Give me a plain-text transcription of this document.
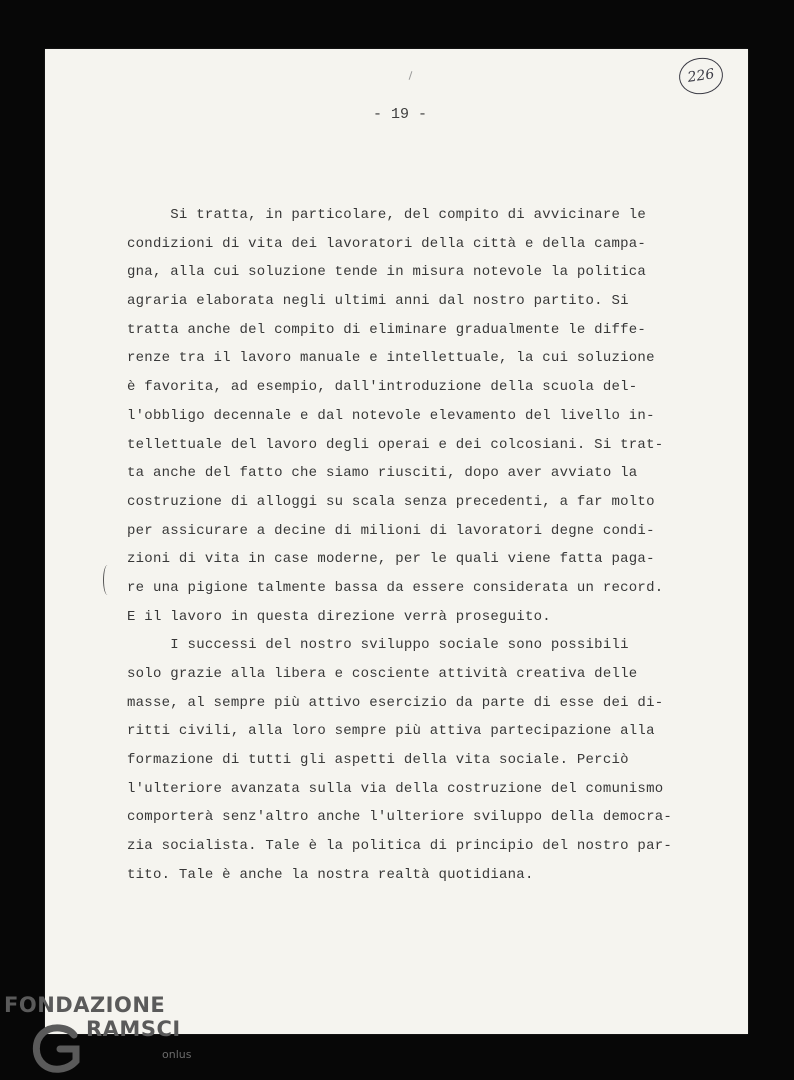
226
- 19 -
Si tratta, in particolare, del compito di avvicinare le
condizioni di vita dei lavoratori della città e della campa-
gna, alla cui soluzione tende in misura notevole la politica
agraria elaborata negli ultimi anni dal nostro partito. Si
tratta anche del compito di eliminare gradualmente le diffe-
renze tra il lavoro manuale e intellettuale, la cui soluzione
è favorita, ad esempio, dall'introduzione della scuola del-
l'obbligo decennale e dal notevole elevamento del livello in-
tellettuale del lavoro degli operai e dei colcosiani. Si trat-
ta anche del fatto che siamo riusciti, dopo aver avviato la
costruzione di alloggi su scala senza precedenti, a far molto
per assicurare a decine di milioni di lavoratori degne condi-
zioni di vita in case moderne, per le quali viene fatta paga-
re una pigione talmente bassa da essere considerata un record.
E il lavoro in questa direzione verrà proseguito.
I successi del nostro sviluppo sociale sono possibili
solo grazie alla libera e cosciente attività creativa delle
masse, al sempre più attivo esercizio da parte di esse dei di-
ritti civili, alla loro sempre più attiva partecipazione alla
formazione di tutti gli aspetti della vita sociale. Perciò
l'ulteriore avanzata sulla via della costruzione del comunismo
comporterà senz'altro anche l'ulteriore sviluppo della democra-
zia socialista. Tale è la politica di principio del nostro par-
tito. Tale è anche la nostra realtà quotidiana.
FONDAZIONE
RAMSCI
onlus
